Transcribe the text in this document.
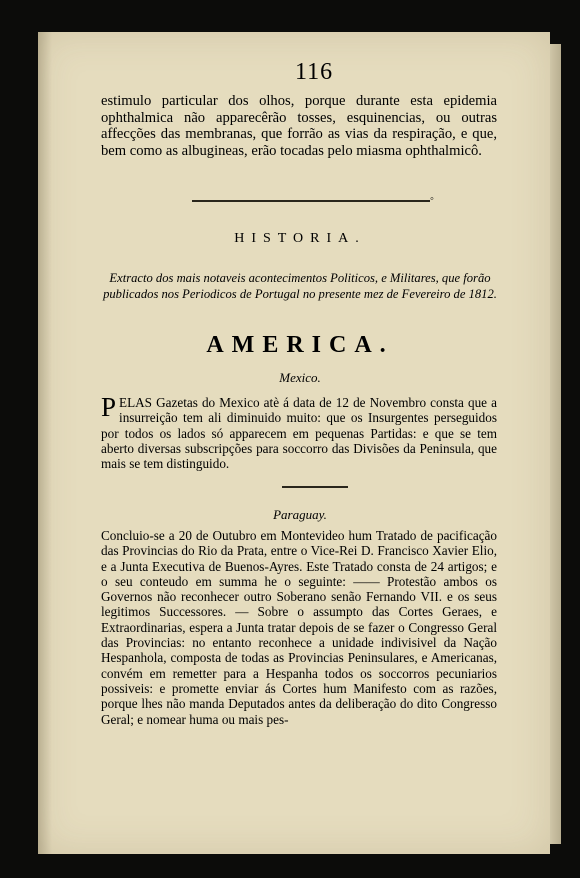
116

estimulo particular dos olhos, porque durante esta epidemia ophthalmica não apparecêrão tosses, esquinencias, ou outras affecções das membranas, que forrão as vias da respiração, e que, bem como as albugineas, erão tocadas pelo miasma ophthalmicô.

◦
HISTORIA.
Extracto dos mais notaveis acontecimentos Politicos, e Militares, que forão publicados nos Periodicos de Portugal no presente mez de Fevereiro de 1812.
AMERICA.
Mexico.

PELAS Gazetas do Mexico atè á data de 12 de Novembro consta que a insurreição tem ali diminuido muito: que os Insurgentes perseguidos por todos os lados só apparecem em pequenas Partidas: e que se tem aberto diversas subscripções para soccorro das Divisões da Peninsula, que mais se tem distinguido.

Paraguay.

Concluio-se a 20 de Outubro em Montevideo hum Tratado de pacificação das Provincias do Rio da Prata, entre o Vice-Rei D. Francisco Xavier Elio, e a Junta Executiva de Buenos-Ayres. Este Tratado consta de 24 artigos; e o seu conteudo em summa he o seguinte: —— Protestão ambos os Governos não reconhecer outro Soberano senão Fernando VII. e os seus legitimos Successores. — Sobre o assumpto das Cortes Geraes, e Extraordinarias, espera a Junta tratar depois de se fazer o Congresso Geral das Provincias: no entanto reconhece a unidade indivisivel da Nação Hespanhola, composta de todas as Provincias Peninsulares, e Americanas, convém em remetter para a Hespanha todos os soccorros pecuniarios possiveis: e promette enviar ás Cortes hum Manifesto com as razões, porque lhes não manda Deputados antes da deliberação do dito Congresso Geral; e nomear huma ou mais pes-
